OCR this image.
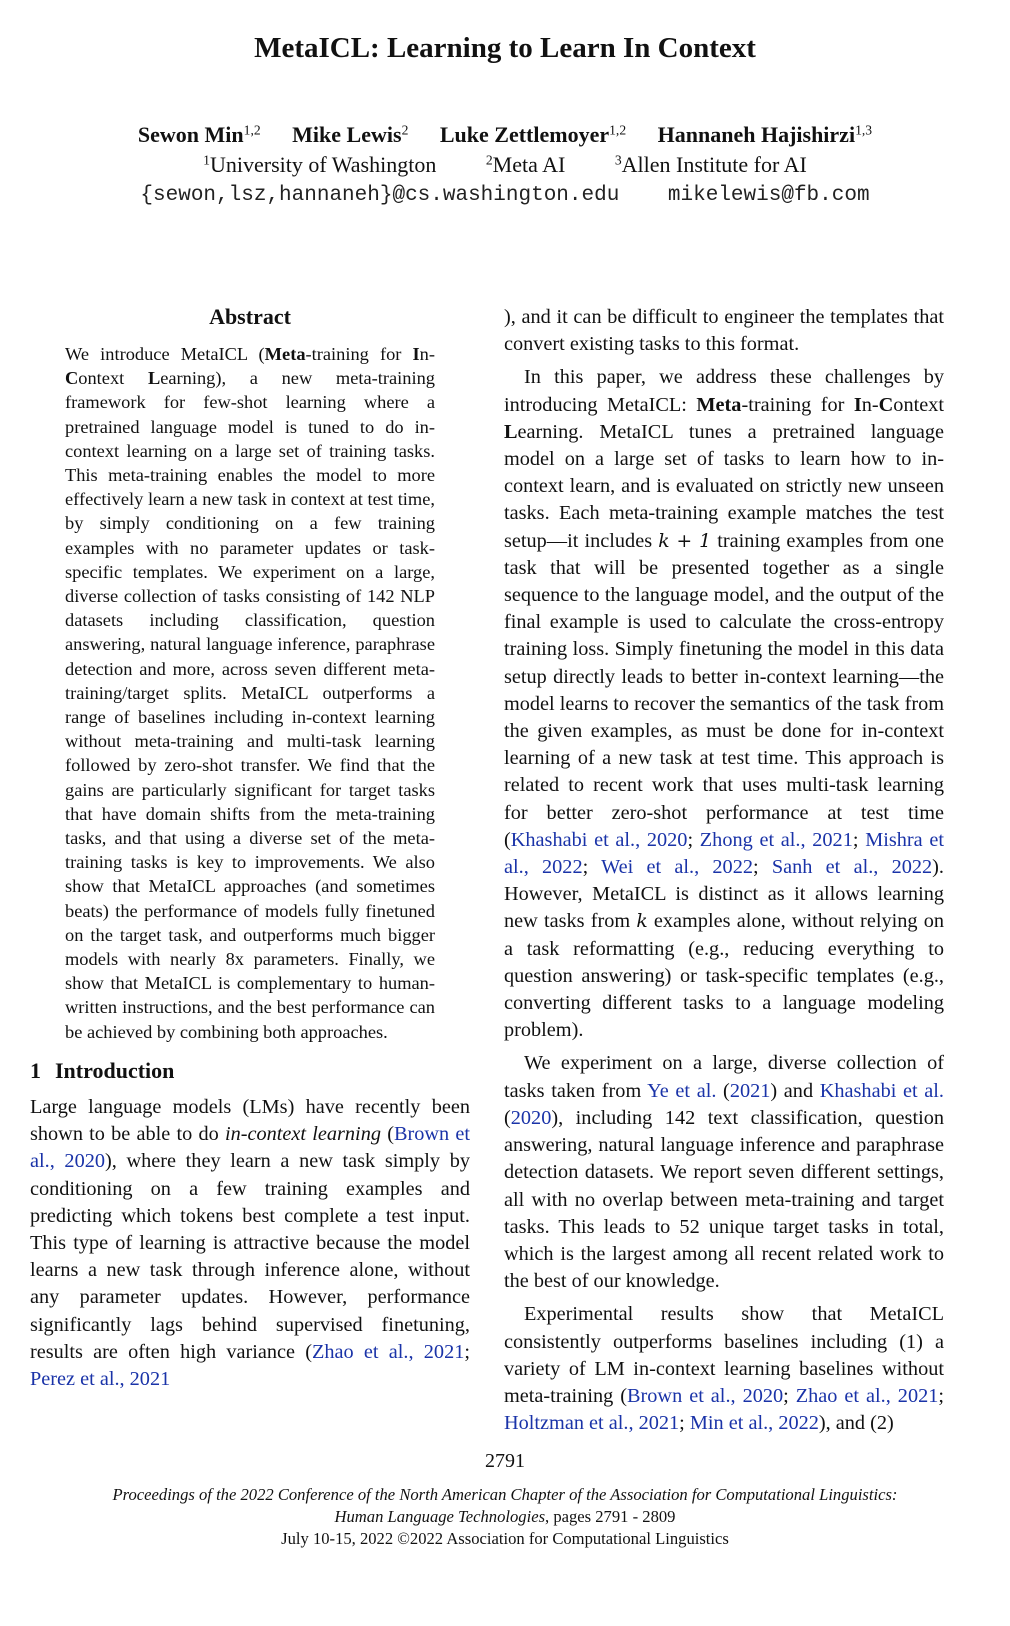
MetaICL: Learning to Learn In Context
Sewon Min$^{1,2}$ Mike Lewis$^2$ Luke Zettlemoyer$^{1,2}$ Hannaneh Hajishirzi$^{1,3}$
$^1$University of Washington	$^2$Meta AI	$^3$Allen Institute for AI
{sewon,lsz,hannaneh}@cs.washington.edu mikelewis@fb.com
Abstract
We introduce MetaICL (Meta-training for In-Context Learning), a new meta-training framework for few-shot learning where a pretrained language model is tuned to do in-context learning on a large set of training tasks. This meta-training enables the model to more effectively learn a new task in context at test time, by simply conditioning on a few training examples with no parameter updates or task-specific templates. We experiment on a large, diverse collection of tasks consisting of 142 NLP datasets including classification, question answering, natural language inference, paraphrase detection and more, across seven different meta-training/target splits. MetaICL outperforms a range of baselines including in-context learning without meta-training and multi-task learning followed by zero-shot transfer. We find that the gains are particularly significant for target tasks that have domain shifts from the meta-training tasks, and that using a diverse set of the meta-training tasks is key to improvements. We also show that MetaICL approaches (and sometimes beats) the performance of models fully finetuned on the target task, and outperforms much bigger models with nearly 8x parameters. Finally, we show that MetaICL is complementary to human-written instructions, and the best performance can be achieved by combining both approaches.
1 Introduction

Large language models (LMs) have recently been shown to be able to do in-context learning (Brown et al., 2020), where they learn a new task simply by conditioning on a few training examples and predicting which tokens best complete a test input. This type of learning is attractive because the model learns a new task through inference alone, without any parameter updates. However, performance significantly lags behind supervised finetuning, results are often high variance (Zhao et al., 2021; Perez et al., 2021

), and it can be difficult to engineer the templates that convert existing tasks to this format.

In this paper, we address these challenges by introducing MetaICL: Meta-training for In-Context Learning. MetaICL tunes a pretrained language model on a large set of tasks to learn how to in-context learn, and is evaluated on strictly new unseen tasks. Each meta-training example matches the test setup—it includes k + 1 training examples from one task that will be presented together as a single sequence to the language model, and the output of the final example is used to calculate the cross-entropy training loss. Simply finetuning the model in this data setup directly leads to better in-context learning—the model learns to recover the semantics of the task from the given examples, as must be done for in-context learning of a new task at test time. This approach is related to recent work that uses multi-task learning for better zero-shot performance at test time (Khashabi et al., 2020; Zhong et al., 2021; Mishra et al., 2022; Wei et al., 2022; Sanh et al., 2022). However, MetaICL is distinct as it allows learning new tasks from k examples alone, without relying on a task reformatting (e.g., reducing everything to question answering) or task-specific templates (e.g., converting different tasks to a language modeling problem).

We experiment on a large, diverse collection of tasks taken from Ye et al. (2021) and Khashabi et al. (2020), including 142 text classification, question answering, natural language inference and paraphrase detection datasets. We report seven different settings, all with no overlap between meta-training and target tasks. This leads to 52 unique target tasks in total, which is the largest among all recent related work to the best of our knowledge.

Experimental results show that MetaICL consistently outperforms baselines including (1) a variety of LM in-context learning baselines without meta-training (Brown et al., 2020; Zhao et al., 2021; Holtzman et al., 2021; Min et al., 2022), and (2)

2791
Proceedings of the 2022 Conference of the North American Chapter of the Association for Computational Linguistics:
Human Language Technologies, pages 2791 - 2809
July 10-15, 2022 ©2022 Association for Computational Linguistics
